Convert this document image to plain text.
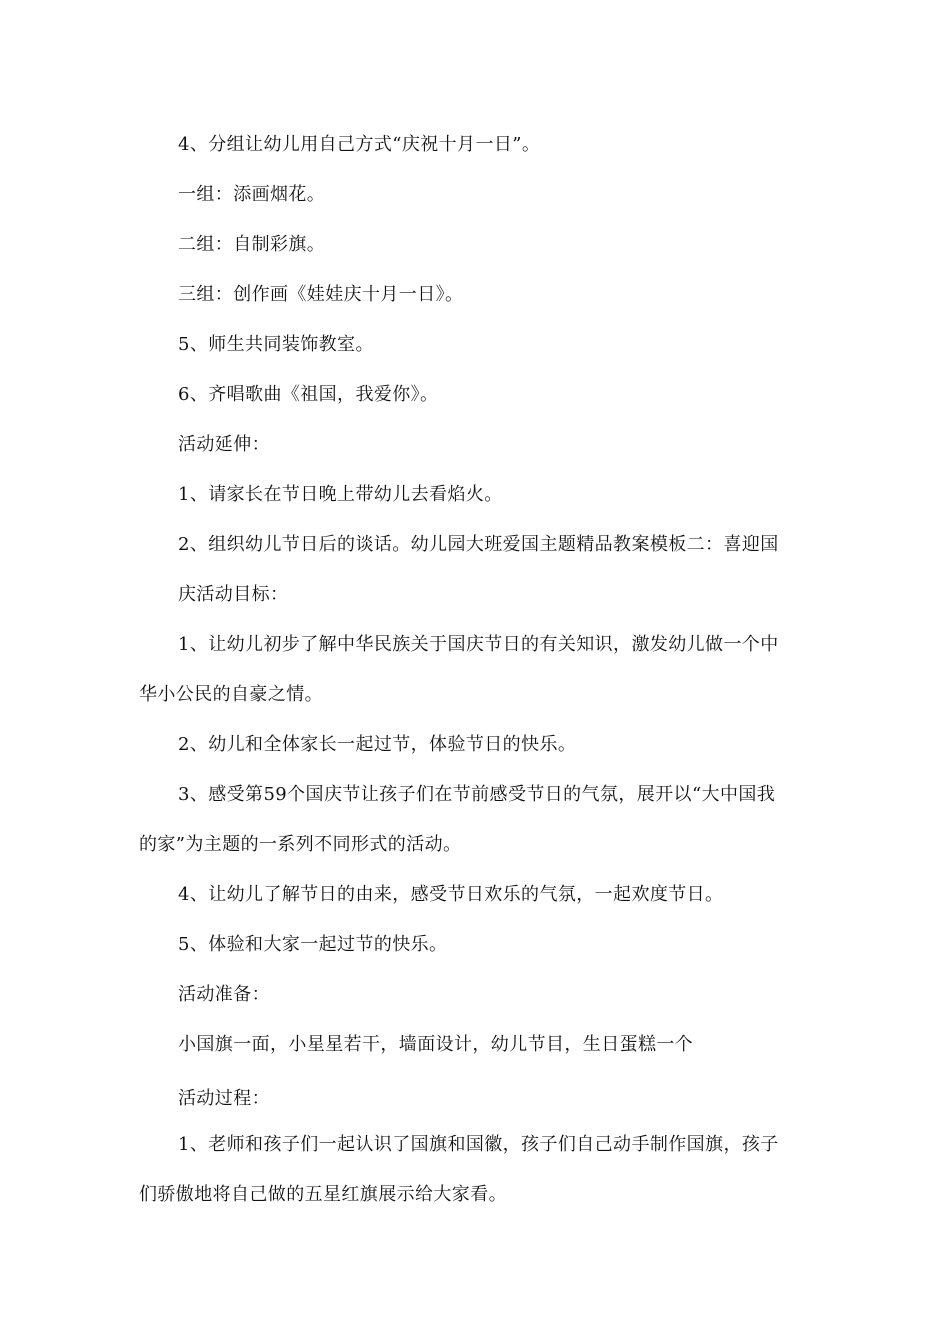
4、分组让幼儿用自己方式“庆祝十月一日”。
一组：添画烟花。
二组：自制彩旗。
三组：创作画《娃娃庆十月一日》。
5、师生共同装饰教室。
6、齐唱歌曲《祖国，我爱你》。
活动延伸：
1、请家长在节日晚上带幼儿去看焰火。
2、组织幼儿节日后的谈话。幼儿园大班爱国主题精品教案模板二：喜迎国
庆活动目标：
1、让幼儿初步了解中华民族关于国庆节日的有关知识，激发幼儿做一个中
华小公民的自豪之情。
2、幼儿和全体家长一起过节，体验节日的快乐。
3、感受第59个国庆节让孩子们在节前感受节日的气氛，展开以“大中国我
的家”为主题的一系列不同形式的活动。
4、让幼儿了解节日的由来，感受节日欢乐的气氛，一起欢度节日。
5、体验和大家一起过节的快乐。
活动准备：
小国旗一面，小星星若干，墙面设计，幼儿节目，生日蛋糕一个
活动过程：
1、老师和孩子们一起认识了国旗和国徽，孩子们自己动手制作国旗，孩子
们骄傲地将自己做的五星红旗展示给大家看。
